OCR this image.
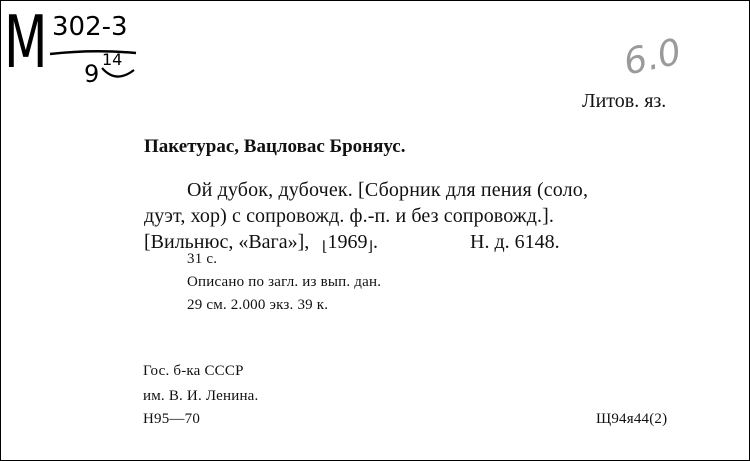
M 302-3
9
14	6.0
Литов. яз.
Пакетурас, Вацловас Броняус.
Ой дубок, дубочек. [Сборник для пения (соло,
дуэт, хор) с сопровожд. ф.-п. и без сопровожд.].
[Вильнюс, «Вага»], ⌊1969⌋.	Н. д. 6148.
31 с.
Описано по загл. из вып. дан.
29 см. 2.000 экз. 39 к.
Гос. б-ка СССР
им. В. И. Ленина.
Н95—70	Щ94я44(2)
